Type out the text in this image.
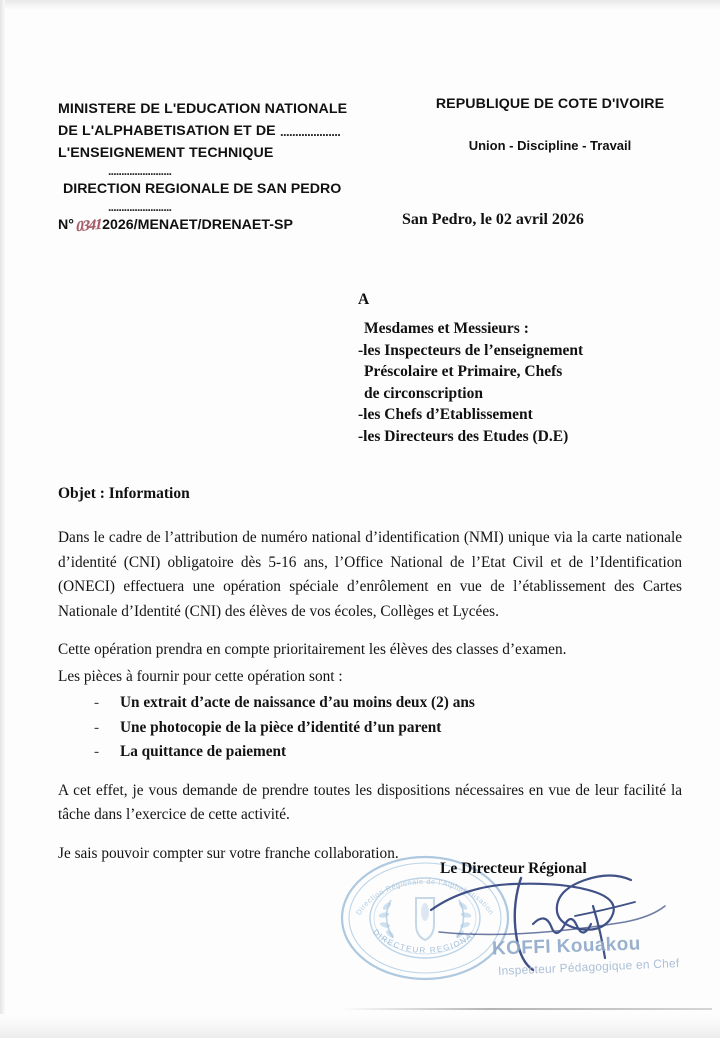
MINISTERE DE L'EDUCATION NATIONALE
DE L'ALPHABETISATION ET DE ....................
L'ENSEIGNEMENT TECHNIQUE
........................
DIRECTION REGIONALE DE SAN PEDRO
........................
N° 03412026/MENAET/DRENAET-SP
REPUBLIQUE DE COTE D'IVOIRE
Union - Discipline - Travail
San Pedro, le 02 avril 2026
A
Mesdames et Messieurs :
-les Inspecteurs de l’enseignement
Préscolaire et Primaire, Chefs
de circonscription
-les Chefs d’Etablissement
-les Directeurs des Etudes (D.E)
Objet : Information

Dans le cadre de l’attribution de numéro national d’identification (NMI) unique via la carte nationale d’identité (CNI) obligatoire dès 5-16 ans, l’Office National de l’Etat Civil et de l’Identification (ONECI) effectuera une opération spéciale d’enrôlement en vue de l’établissement des Cartes Nationale d’Identité (CNI) des élèves de vos écoles, Collèges et Lycées.

Cette opération prendra en compte prioritairement les élèves des classes d’examen.

Les pièces à fournir pour cette opération sont :

- Un extrait d’acte de naissance d’au moins deux (2) ans
- Une photocopie de la pièce d’identité d’un parent
- La quittance de paiement

A cet effet, je vous demande de prendre toutes les dispositions nécessaires en vue de leur facilité la tâche dans l’exercice de cette activité.

Je sais pouvoir compter sur votre franche collaboration.

Le Directeur Régional
Direction Régionale de l'Alphabétisation
DIRECTEUR REGIONAL
KOFFI Kouakou
Inspecteur Pédagogique en Chef
